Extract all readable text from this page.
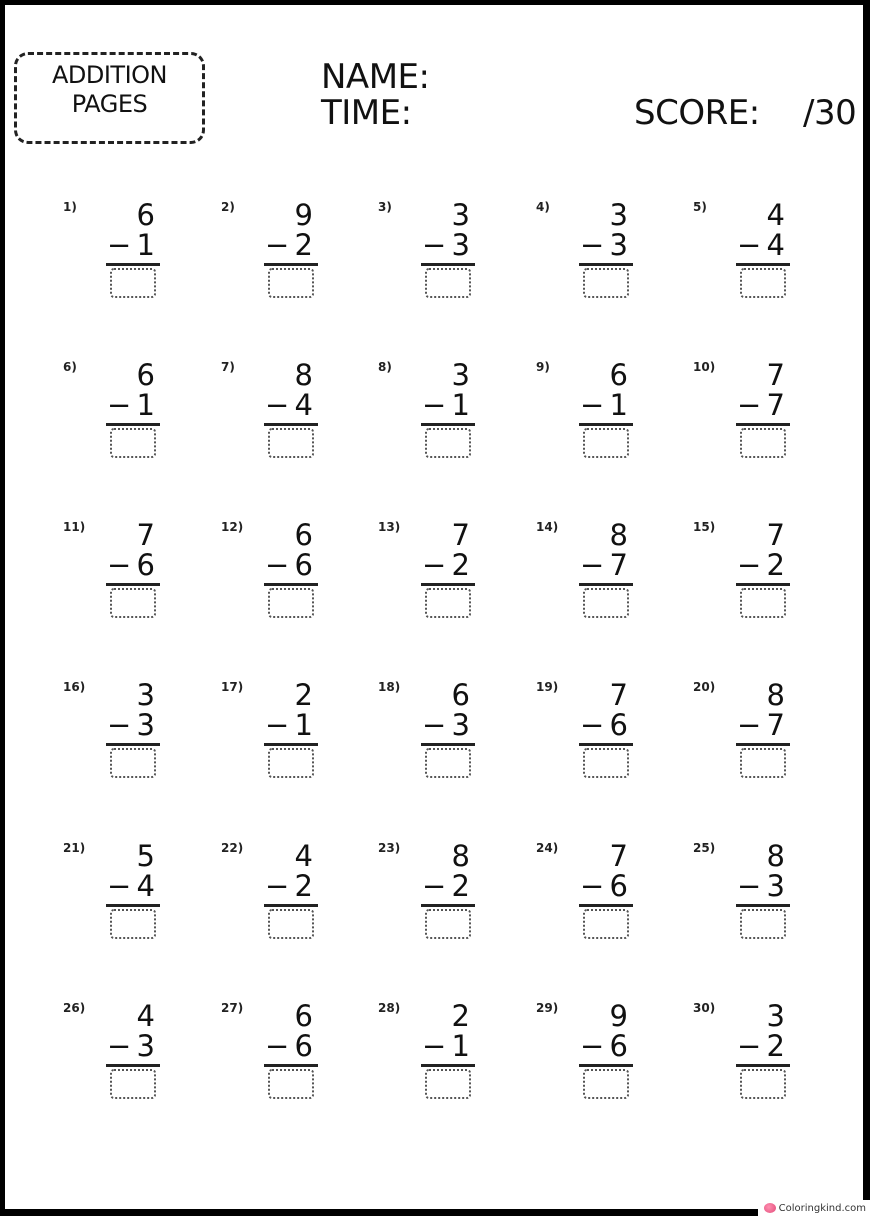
ADDITION
PAGES
NAME:
TIME:	SCORE: /30
1)	6
− 1
2)	9
− 2
3)	3
− 3
4)	3
− 3
5)	4
− 4
6)	6
− 1
7)	8
− 4
8)	3
− 1
9)	6
− 1
10)	7
− 7
11)	7
− 6
12)	6
− 6
13)	7
− 2
14)	8
− 7
15)	7
− 2
16)	3
− 3
17)	2
− 1
18)	6
− 3
19)	7
− 6
20)	8
− 7
21)	5
− 4
22)	4
− 2
23)	8
− 2
24)	7
− 6
25)	8
− 3
26)	4
− 3
27)	6
− 6
28)	2
− 1
29)	9
− 6
30)	3
− 2
Coloringkind.com
